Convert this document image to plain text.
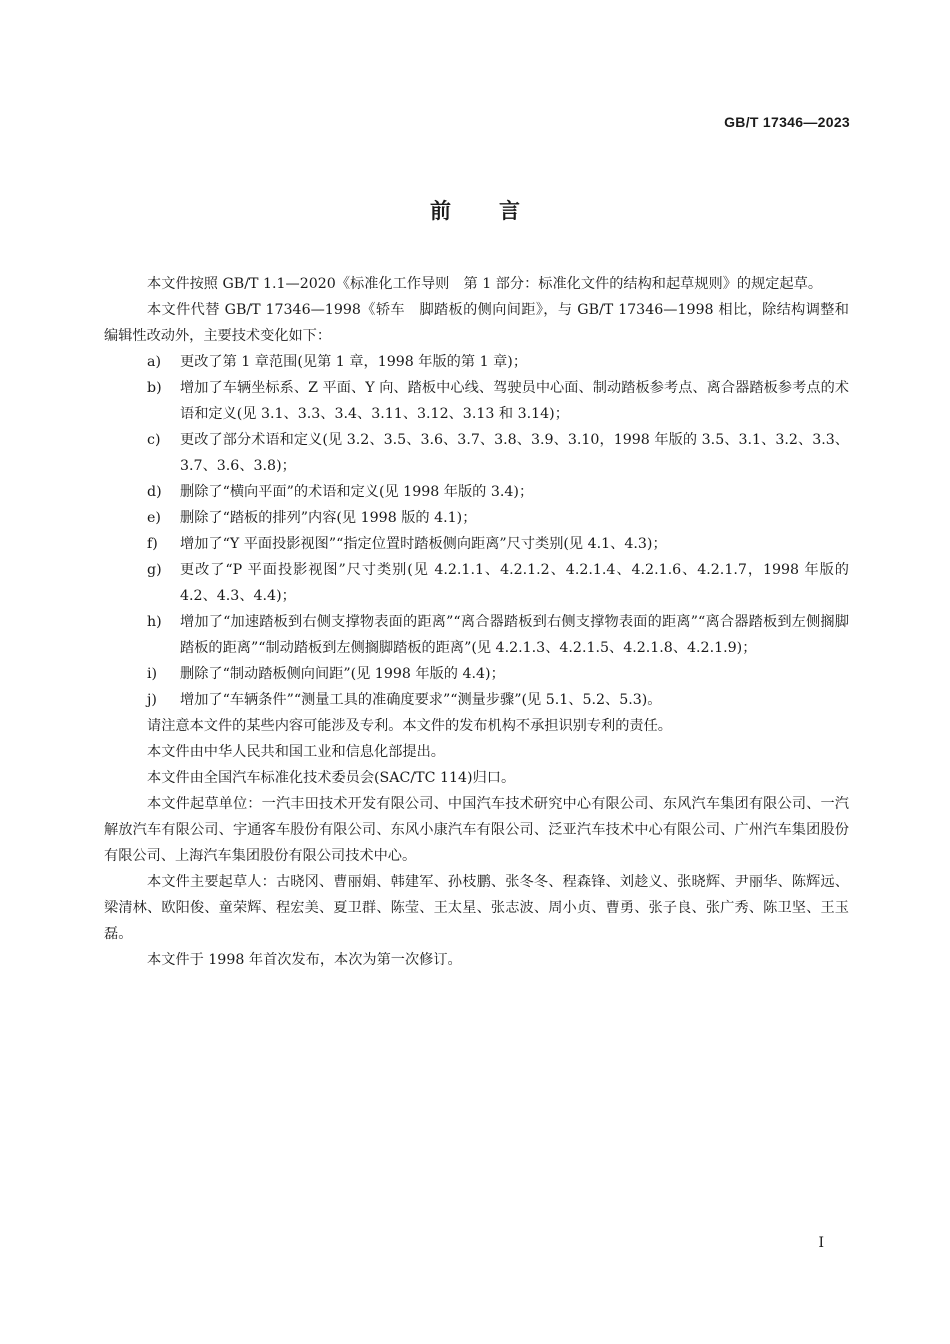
GB/T 17346—2023
前 言

本文件按照 GB/T 1.1—2020《标准化工作导则　第 1 部分：标准化文件的结构和起草规则》的规定起草。

本文件代替 GB/T 17346—1998《轿车　脚踏板的侧向间距》，与 GB/T 17346—1998 相比，除结构调整和编辑性改动外，主要技术变化如下：

a) 更改了第 1 章范围(见第 1 章，1998 年版的第 1 章)；

b) 增加了车辆坐标系、Z 平面、Y 向、踏板中心线、驾驶员中心面、制动踏板参考点、离合器踏板参考点的术语和定义(见 3.1、3.3、3.4、3.11、3.12、3.13 和 3.14)；

c) 更改了部分术语和定义(见 3.2、3.5、3.6、3.7、3.8、3.9、3.10，1998 年版的 3.5、3.1、3.2、3.3、3.7、3.6、3.8)；

d) 删除了“横向平面”的术语和定义(见 1998 年版的 3.4)；

e) 删除了“踏板的排列”内容(见 1998 版的 4.1)；

f) 增加了“Y 平面投影视图”“指定位置时踏板侧向距离”尺寸类别(见 4.1、4.3)；

g) 更改了“P 平面投影视图”尺寸类别(见 4.2.1.1、4.2.1.2、4.2.1.4、4.2.1.6、4.2.1.7，1998 年版的 4.2、4.3、4.4)；

h) 增加了“加速踏板到右侧支撑物表面的距离”“离合器踏板到右侧支撑物表面的距离”“离合器踏板到左侧搁脚踏板的距离”“制动踏板到左侧搁脚踏板的距离”(见 4.2.1.3、4.2.1.5、4.2.1.8、4.2.1.9)；

i) 删除了“制动踏板侧向间距”(见 1998 年版的 4.4)；

j) 增加了“车辆条件”“测量工具的准确度要求”“测量步骤”(见 5.1、5.2、5.3)。

请注意本文件的某些内容可能涉及专利。本文件的发布机构不承担识别专利的责任。

本文件由中华人民共和国工业和信息化部提出。

本文件由全国汽车标准化技术委员会(SAC/TC 114)归口。

本文件起草单位：一汽丰田技术开发有限公司、中国汽车技术研究中心有限公司、东风汽车集团有限公司、一汽解放汽车有限公司、宇通客车股份有限公司、东风小康汽车有限公司、泛亚汽车技术中心有限公司、广州汽车集团股份有限公司、上海汽车集团股份有限公司技术中心。

本文件主要起草人：古晓冈、曹丽娟、韩建军、孙枝鹏、张冬冬、程森锋、刘趁义、张晓辉、尹丽华、陈辉远、梁清林、欧阳俊、童荣辉、程宏美、夏卫群、陈莹、王太星、张志波、周小贞、曹勇、张子良、张广秀、陈卫坚、王玉磊。

本文件于 1998 年首次发布，本次为第一次修订。

I
